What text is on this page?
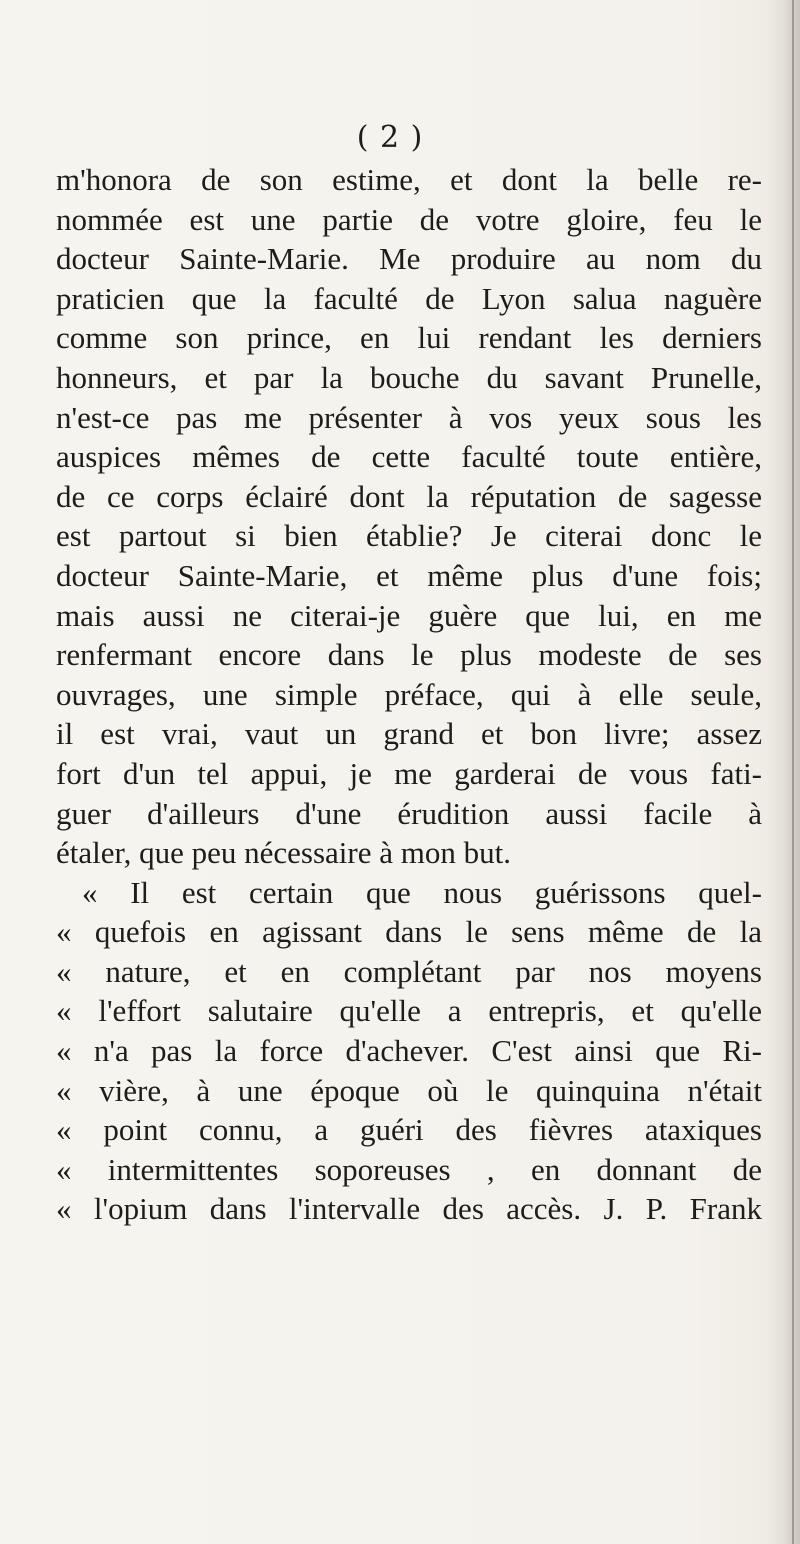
( 2 )
m'honora de son estime, et dont la belle re-
nommée est une partie de votre gloire, feu le
docteur Sainte-Marie. Me produire au nom du
praticien que la faculté de Lyon salua naguère
comme son prince, en lui rendant les derniers
honneurs, et par la bouche du savant Prunelle,
n'est-ce pas me présenter à vos yeux sous les
auspices mêmes de cette faculté toute entière,
de ce corps éclairé dont la réputation de sagesse
est partout si bien établie? Je citerai donc le
docteur Sainte-Marie, et même plus d'une fois;
mais aussi ne citerai-je guère que lui, en me
renfermant encore dans le plus modeste de ses
ouvrages, une simple préface, qui à elle seule,
il est vrai, vaut un grand et bon livre; assez
fort d'un tel appui, je me garderai de vous fati-
guer d'ailleurs d'une érudition aussi facile à
étaler, que peu nécessaire à mon but.
« Il est certain que nous guérissons quel-
« quefois en agissant dans le sens même de la
« nature, et en complétant par nos moyens
« l'effort salutaire qu'elle a entrepris, et qu'elle
« n'a pas la force d'achever. C'est ainsi que Ri-
« vière, à une époque où le quinquina n'était
« point connu, a guéri des fièvres ataxiques
« intermittentes soporeuses , en donnant de
« l'opium dans l'intervalle des accès. J. P. Frank
